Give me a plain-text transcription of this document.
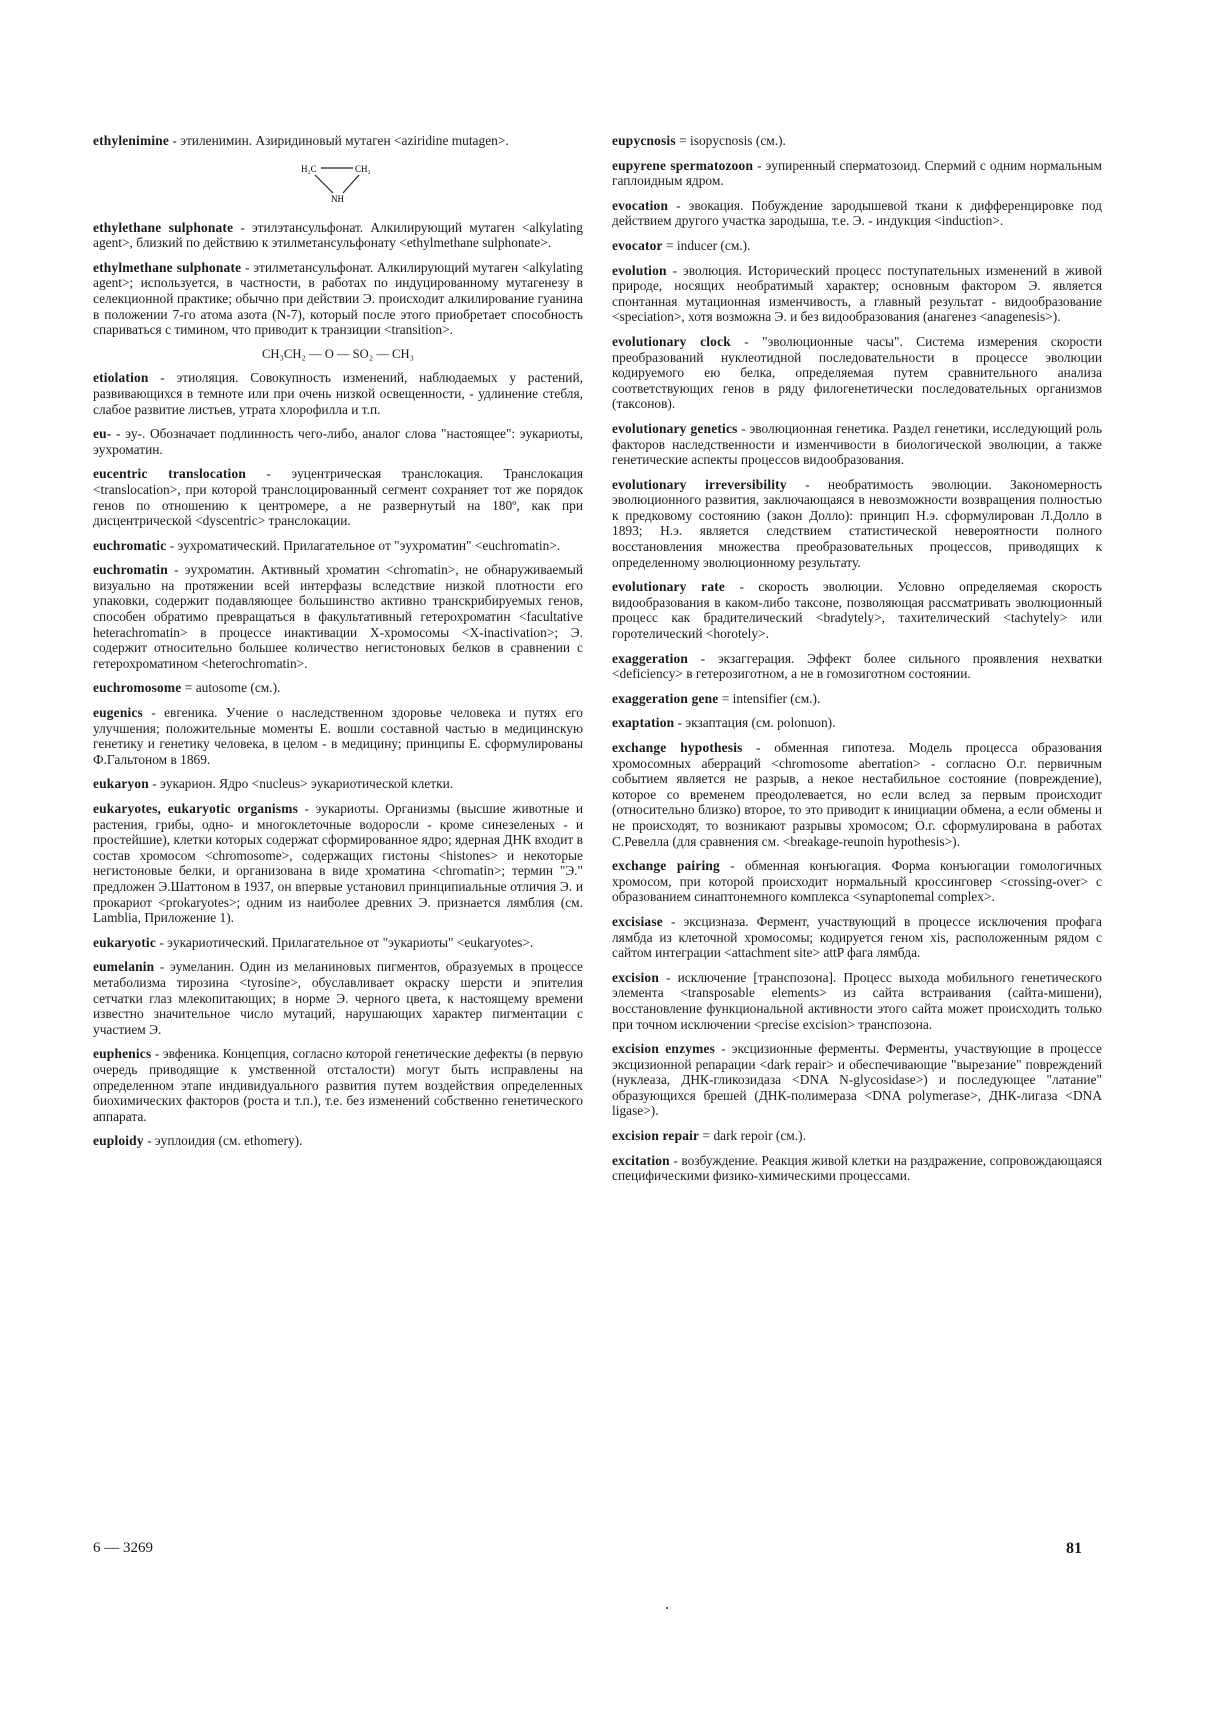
ethylenimine - этиленимин. Азиридиновый мутаген <aziridine mutagen>.
H₂C	CH₂
NH
ethylethane sulphonate - этилэтансульфонат. Алкилирующий мутаген <alkylating agent>, близкий по действию к этилметансульфонату <ethylmethane sulphonate>.
ethylmethane sulphonate - этилметансульфонат. Алкилирующий мутаген <alkylating agent>; используется, в частности, в работах по индуцированному мутагенезу в селекционной практике; обычно при действии Э. происходит алкилирование гуанина в положении 7-го атома азота (N-7), который после этого приобретает способность спариваться с тимином, что приводит к транзиции <transition>.
CH₃CH₂ — O — SO₂ — CH₃
etiolation - этиоляция. Совокупность изменений, наблюдаемых у растений, развивающихся в темноте или при очень низкой освещенности, - удлинение стебля, слабое развитие листьев, утрата хлорофилла и т.п.
eu- - эу-. Обозначает подлинность чего-либо, аналог слова "настоящее": эукариоты, эухроматин.
eucentric translocation - эуцентрическая транслокация. Транслокация <translocation>, при которой транслоцированный сегмент сохраняет тот же порядок генов по отношению к центромере, а не развернутый на 180º, как при дисцентрической <dyscentric> транслокации.
euchromatic - эухроматический. Прилагательное от "эухроматин" <euchromatin>.
euchromatin - эухроматин. Активный хроматин <chromatin>, не обнаруживаемый визуально на протяжении всей интерфазы вследствие низкой плотности его упаковки, содержит подавляющее большинство активно транскрибируемых генов, способен обратимо превращаться в факультативный гетерохроматин <facultative heterachromatin> в процессе инактивации X-хромосомы <X-inactivation>; Э. содержит относительно большее количество негистоновых белков в сравнении с гетерохроматином <heterochromatin>.
euchromosome = autosome (см.).
eugenics - евгеника. Учение о наследственном здоровье человека и путях его улучшения; положительные моменты Е. вошли составной частью в медицинскую генетику и генетику человека, в целом - в медицину; принципы Е. сформулированы Ф.Гальтоном в 1869.
eukaryon - эукарион. Ядро <nucleus> эукариотической клетки.
eukaryotes, eukaryotic organisms - эукариоты. Организмы (высшие животные и растения, грибы, одно- и многоклеточные водоросли - кроме синезеленых - и простейшие), клетки которых содержат сформированное ядро; ядерная ДНК входит в состав хромосом <chromosome>, содержащих гистоны <histones> и некоторые негистоновые белки, и организована в виде хроматина <chromatin>; термин "Э." предложен Э.Шаттоном в 1937, он впервые установил принципиальные отличия Э. и прокариот <prokaryotes>; одним из наиболее древних Э. признается лямблия (см. Lamblia, Приложение 1).
eukaryotic - эукариотический. Прилагательное от "эукариоты" <eukaryotes>.
eumelanin - эумеланин. Один из меланиновых пигментов, образуемых в процессе метаболизма тирозина <tyrosine>, обуславливает окраску шерсти и эпителия сетчатки глаз млекопитающих; в норме Э. черного цвета, к настоящему времени известно значительное число мутаций, нарушающих характер пигментации с участием Э.
euphenics - эвфеника. Концепция, согласно которой генетические дефекты (в первую очередь приводящие к умственной отсталости) могут быть исправлены на определенном этапе индивидуального развития путем воздействия определенных биохимических факторов (роста и т.п.), т.е. без изменений собственно генетического аппарата.
euploidy - эуплоидия (см. ethomery).
eupycnosis = isopycnosis (см.).
eupyrene spermatozoon - эупиренный сперматозоид. Спермий с одним нормальным гаплоидным ядром.
evocation - эвокация. Побуждение зародышевой ткани к дифференцировке под действием другого участка зародыша, т.е. Э. - индукция <induction>.
evocator = inducer (см.).
evolution - эволюция. Исторический процесс поступательных изменений в живой природе, носящих необратимый характер; основным фактором Э. является спонтанная мутационная изменчивость, а главный результат - видообразование <speciation>, хотя возможна Э. и без видообразования (анагенез <anagenesis>).
evolutionary clock - "эволюционные часы". Система измерения скорости преобразований нуклеотидной последовательности в процессе эволюции кодируемого ею белка, определяемая путем сравнительного анализа соответствующих генов в ряду филогенетически последовательных организмов (таксонов).
evolutionary genetics - эволюционная генетика. Раздел генетики, исследующий роль факторов наследственности и изменчивости в биологической эволюции, а также генетические аспекты процессов видообразования.
evolutionary irreversibility - необратимость эволюции. Закономерность эволюционного развития, заключающаяся в невозможности возвращения полностью к предковому состоянию (закон Долло): принцип Н.э. сформулирован Л.Долло в 1893; Н.э. является следствием статистической невероятности полного восстановления множества преобразовательных процессов, приводящих к определенному эволюционному результату.
evolutionary rate - скорость эволюции. Условно определяемая скорость видообразования в каком-либо таксоне, позволяющая рассматривать эволюционный процесс как брадителический <bradytely>, тахителический <tachytely> или горотелический <horotely>.
exaggeration - экзаггерация. Эффект более сильного проявления нехватки <deficiency> в гетерозиготном, а не в гомозиготном состоянии.
exaggeration gene = intensifier (см.).
exaptation - экзаптация (см. polonuon).
exchange hypothesis - обменная гипотеза. Модель процесса образования хромосомных аберраций <chromosome aberration> - согласно О.г. первичным событием является не разрыв, а некое нестабильное состояние (повреждение), которое со временем преодолевается, но если вслед за первым происходит (относительно близко) второе, то это приводит к инициации обмена, а если обмены и не происходят, то возникают разрывы хромосом; О.г. сформулирована в работах С.Ревелла (для сравнения см. <breakage-reunoin hypothesis>).
exchange pairing - обменная конъюгация. Форма конъюгации гомологичных хромосом, при которой происходит нормальный кроссинговер <crossing-over> с образованием синаптонемного комплекса <synaptonemal complex>.
excisiase - эксцизназа. Фермент, участвующий в процессе исключения профага лямбда из клеточной хромосомы; кодируется геном xis, расположенным рядом с сайтом интеграции <attachment site> attP фага лямбда.
excision - исключение [транспозона]. Процесс выхода мобильного генетического элемента <transposable elements> из сайта встраивания (сайта-мишени), восстановление функциональной активности этого сайта может происходить только при точном исключении <precise excision> транспозона.
excision enzymes - эксцизионные ферменты. Ферменты, участвующие в процессе эксцизионной репарации <dark repair> и обеспечивающие "вырезание" повреждений (нуклеаза, ДНК-гликозидаза <DNA N-glycosidase>) и последующее "латание" образующихся брешей (ДНК-полимераза <DNA polymerase>, ДНК-лигаза <DNA ligase>).
excision repair = dark repoir (см.).
excitation - возбуждение. Реакция живой клетки на раздражение, сопровождающаяся специфическими физико-химическими процессами.
6 — 3269	81
